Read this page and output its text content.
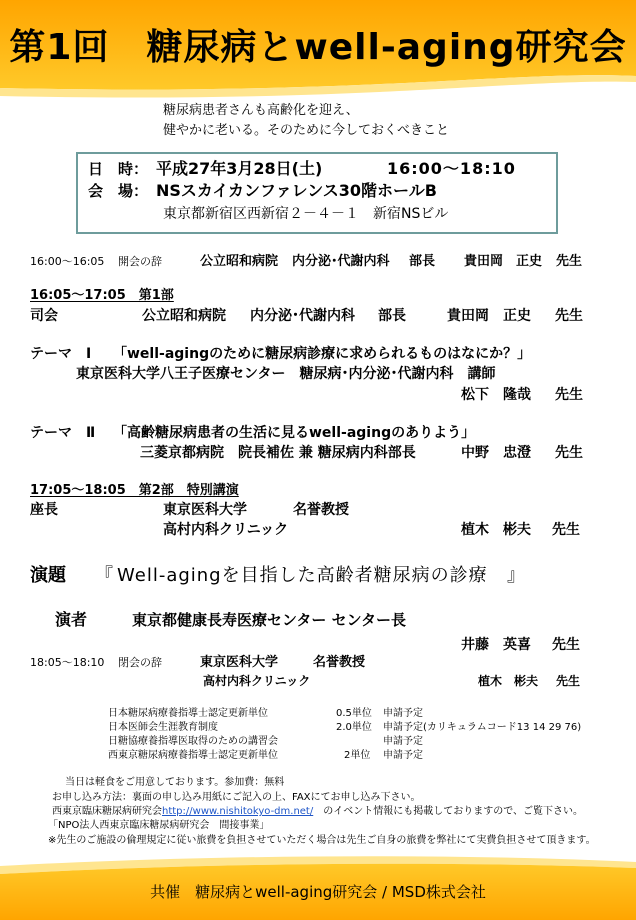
第1回　糖尿病とwell-aging研究会
糖尿病患者さんも高齢化を迎え、
健やかに老いる。そのために今しておくべきこと
日　時： 平成27年3月28日(土)	16:00～18:10
会　場： NSスカイカンファレンス30階ホールB
東京都新宿区西新宿２－４－１　新宿NSビル
16:00～16:05 開会の辞	公立昭和病院 内分泌･代謝内科 部長 貴田岡　正史 先生
16:05～17:05　第1部
司会	公立昭和病院 内分泌･代謝内科 部長	貴田岡　正史 先生
テーマ　Ⅰ 「well-agingのために糖尿病診療に求められるものはなにか？」
東京医科大学八王子医療センター　糖尿病･内分泌･代謝内科　講師
松下　隆哉 先生
テーマ　Ⅱ 「高齢糖尿病患者の生活に見るwell-agingのありよう」
三菱京都病院　院長補佐 兼 糖尿病内科部長	中野　忠澄 先生
17:05～18:05　第2部　特別講演
座長	東京医科大学	名誉教授
高村内科クリニック	植木　彬夫 先生
演題 『 Well-agingを目指した高齢者糖尿病の診療 』
演者	東京都健康長寿医療センター センター長
井藤　英喜 先生
18:05～18:10 閉会の辞	東京医科大学	名誉教授
高村内科クリニック	植木　彬夫 先生
日本糖尿病療養指導士認定更新単位	0.5単位 申請予定
日本医師会生涯教育制度	2.0単位 申請予定(カリキュラムコード13 14 29 76)
日糖協療養指導医取得のための講習会	申請予定
西東京糖尿病療養指導士認定更新単位	2単位 申請予定
当日は軽食をご用意しております。参加費：無料
お申し込み方法：裏面の申し込み用紙にご記入の上、FAXにてお申し込み下さい。
西東京臨床糖尿病研究会http://www.nishitokyo-dm.net/　のイベント情報にも掲載しておりますので、ご覧下さい。
「NPO法人西東京臨床糖尿病研究会　間接事業」
※先生のご施設の倫理規定に従い旅費を負担させていただく場合は先生ご自身の旅費を弊社にて実費負担させて頂きます。
共催　糖尿病とwell-aging研究会 / MSD株式会社
